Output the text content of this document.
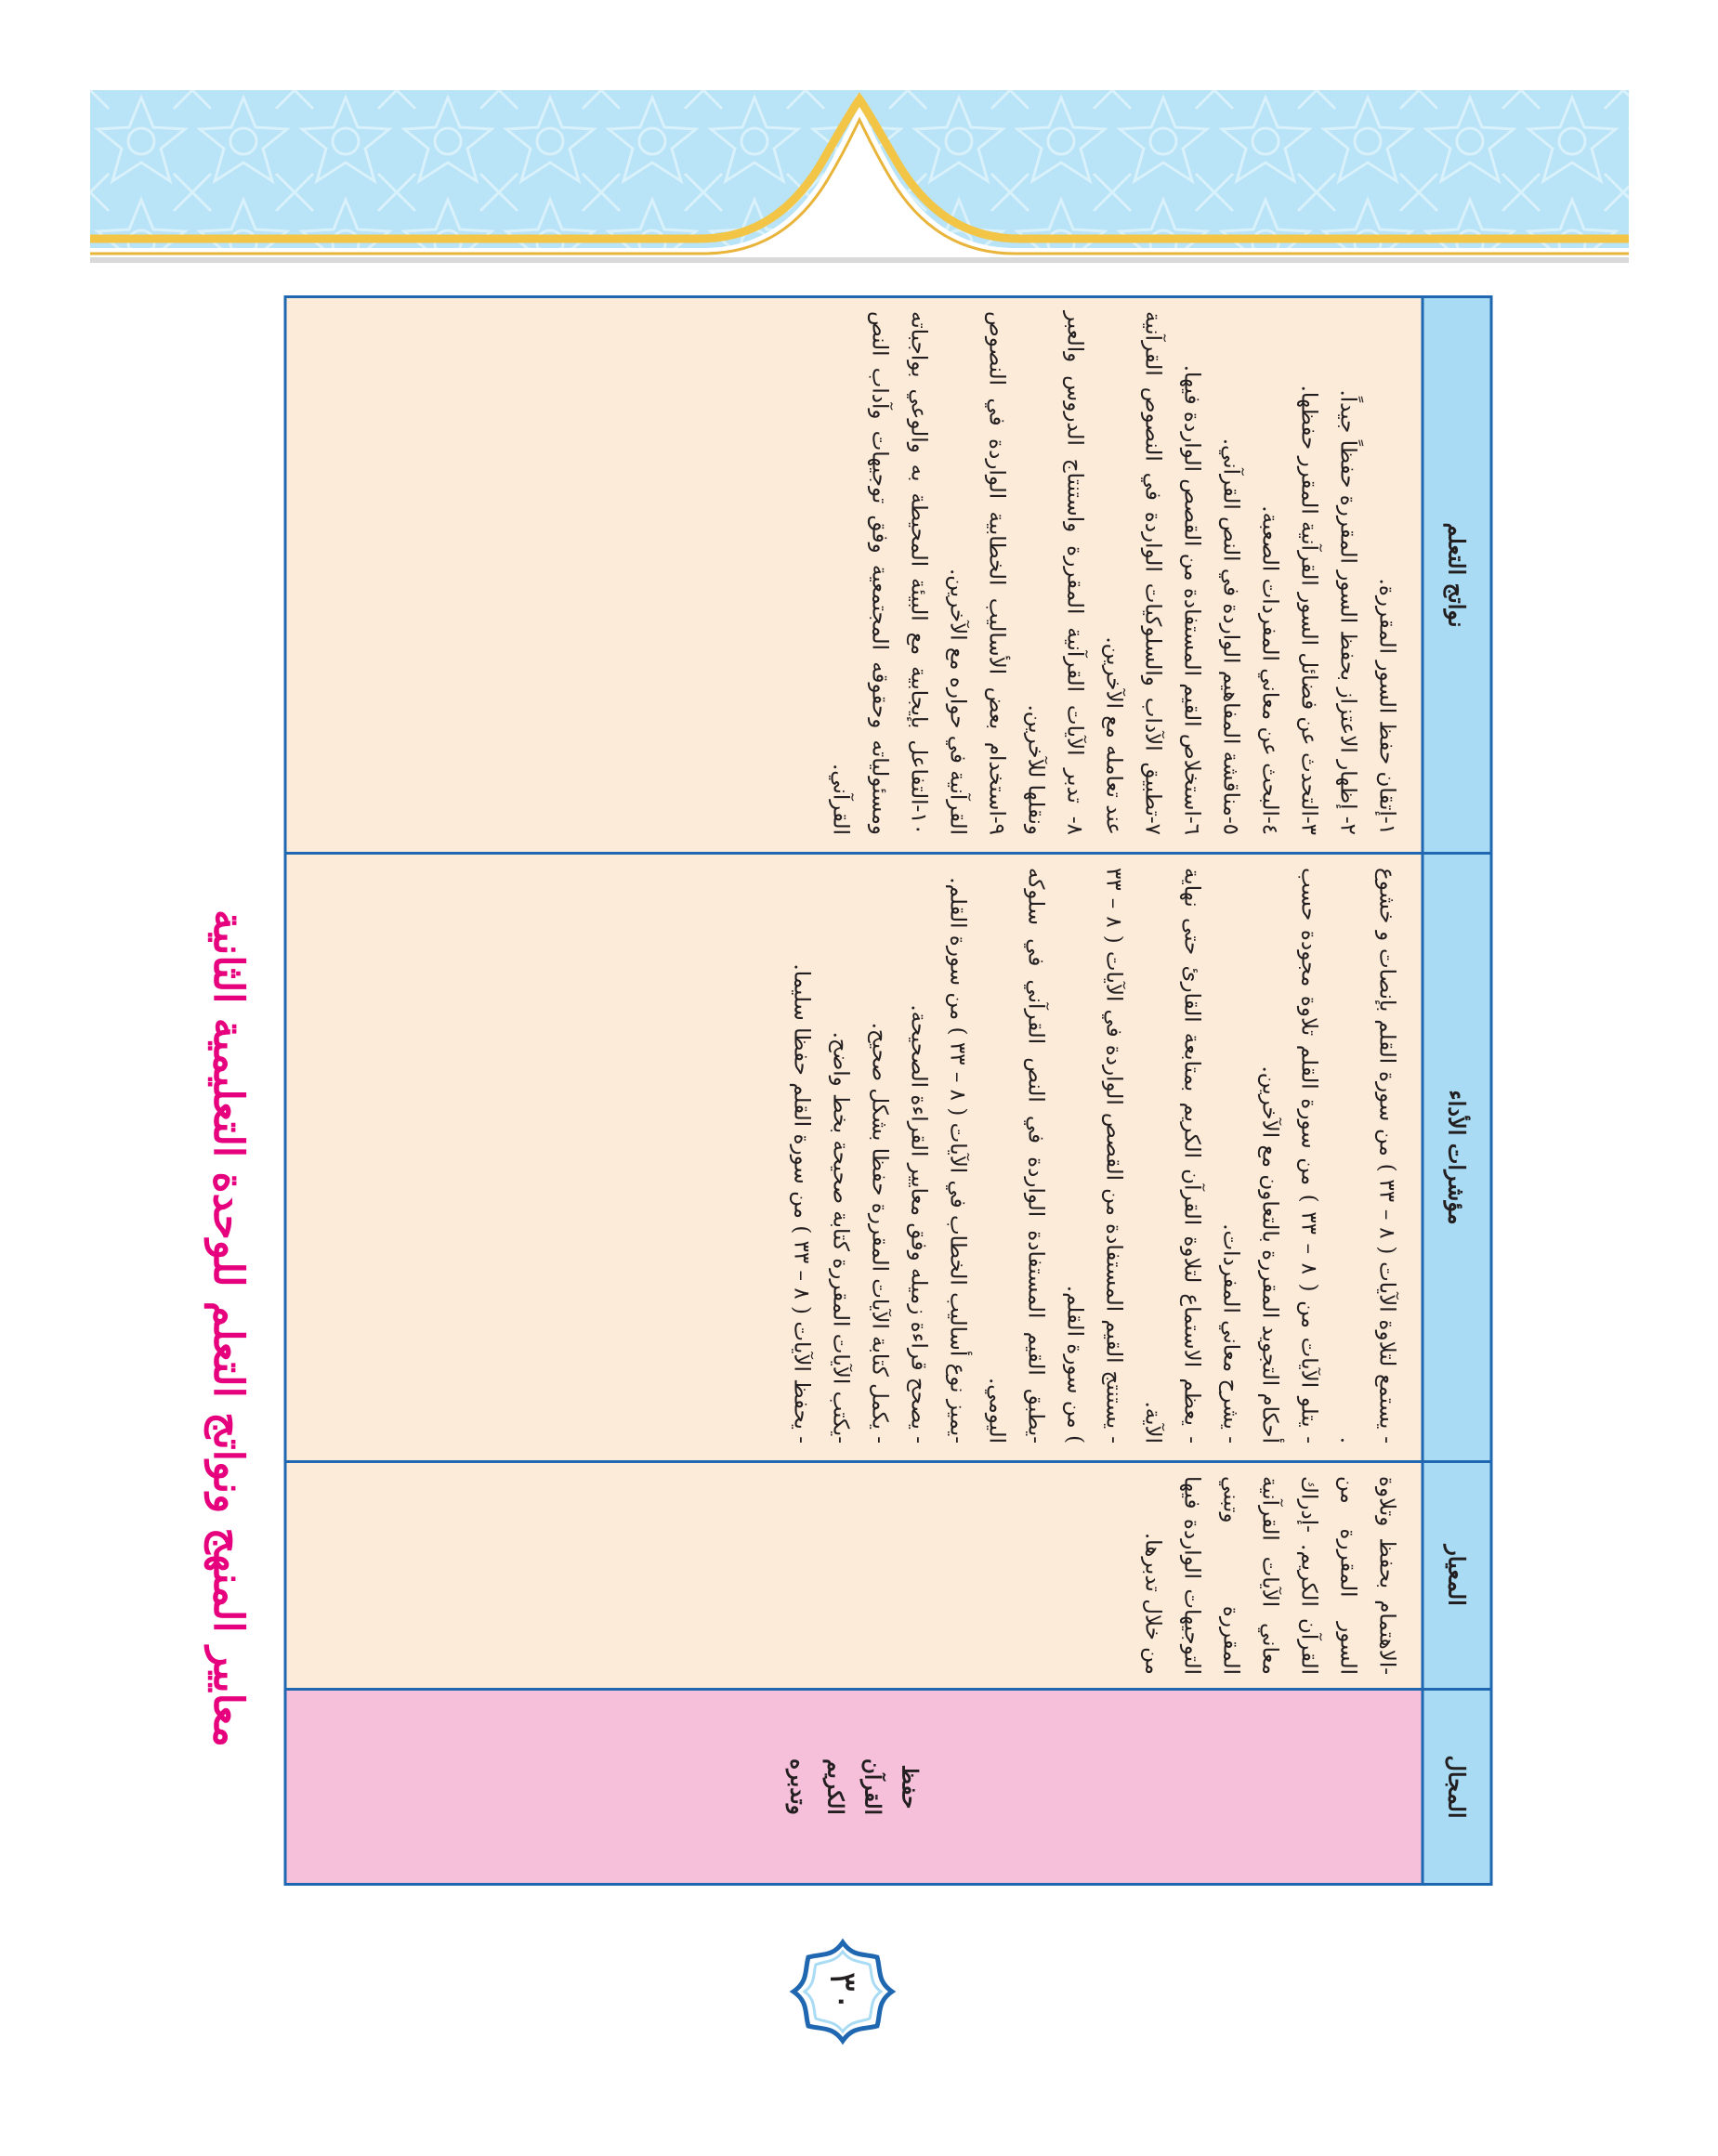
معايير المنهج ونواتج التعلم للوحدة التعليمية الثانية
المجال
المعيار
مؤشرات الأداء
نواتج التعلم
حفظ القرآن الكريم وتدبره
-الاهتمام بحفظ وتلاوة السور المقررة من القرآن الكريم. -إدراك معاني الآيات القرآنية المقررة وتبني التوجيهات الواردة فيها من خلال تدبرها.
- يستمع لتلاوة الآيات ( ٨ – ٣٣ ) من سورة القلم بإنصات و خشوع .
- يتلو الآيات من ( ٨ – ٣٣ ) من سورة القلم تلاوة مجودة حسب أحكام التجويد المقررة بالتعاون مع الآخرين.
- يشرح معاني المفردات.
- يعظم الاستماع لتلاوة القرآن الكريم بمتابعة القارئ حتى نهاية الآية.
- يستنتج القيم المستفادة من القصص الواردة في الآيات ( ٨ – ٣٣ ) من سورة القلم.
-يطبق القيم المستفادة الواردة في النص القرآني في سلوكه اليومي.
-يميز نوع أساليب الخطاب في الآيات ( ٨ – ٣٣ ) من سورة القلم.
- يصحح قراءة زميله وفق معايير القراءة الصحيحة.
- يكمل كتابة الآيات المقررة حفظا بشكل صحيح.
-يكتب الآيات المقررة كتابة صحيحة بخط واضح.
- يحفظ الآيات ( ٨ – ٣٣ ) من سورة القلم حفظا سليما.
١-إتقان حفظ السور المقررة.
٢- إظهار الاعتزاز بحفظ السور المقررة حفظاً جيداً.
٣-التحدث عن فضائل السور القرآنية المقرر حفظها.
٤-البحث عن معاني المفردات الصعبة.
٥-مناقشة المفاهيم الواردة في النص القرآني.
٦-استخلاص القيم المستفادة من القصص الواردة فيها.
٧-تطبيق الآداب والسلوكيات الواردة في النصوص القرآنية عند تعامله مع الآخرين.
٨- تدبر الآيات القرآنية المقررة واستنتاج الدروس والعبر ونقلها للآخرين.
٩-استخدام بعض الأساليب الخطابية الواردة في النصوص القرآنية في حواره مع الآخرين.
١٠-التفاعل بإيجابية مع البيئة المحيطة به والوعي بواجباته ومسئولياته وحقوقه المجتمعية وفق توجيهات وآداب النص القرآني.
٣٠
